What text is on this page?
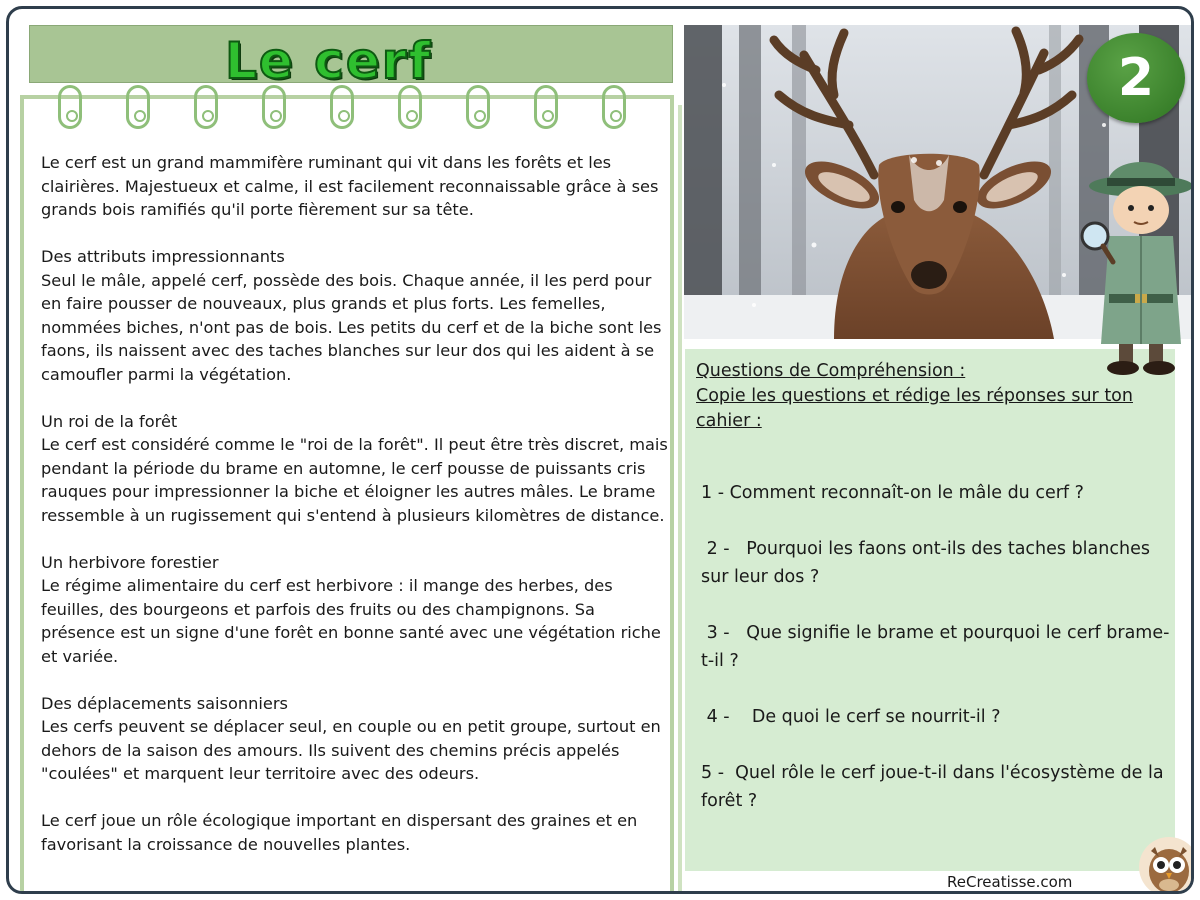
Le cerf

Le cerf est un grand mammifère ruminant qui vit dans les forêts et les clairières. Majestueux et calme, il est facilement reconnaissable grâce à ses grands bois ramifiés qu'il porte fièrement sur sa tête.

Des attributs impressionnants
Seul le mâle, appelé cerf, possède des bois. Chaque année, il les perd pour en faire pousser de nouveaux, plus grands et plus forts. Les femelles, nommées biches, n'ont pas de bois. Les petits du cerf et de la biche sont les faons, ils naissent avec des taches blanches sur leur dos qui les aident à se camoufler parmi la végétation.

Un roi de la forêt
Le cerf est considéré comme le "roi de la forêt". Il peut être très discret, mais pendant la période du brame en automne, le cerf pousse de puissants cris rauques pour impressionner la biche et éloigner les autres mâles. Le brame ressemble à un rugissement qui s'entend à plusieurs kilomètres de distance.

Un herbivore forestier
Le régime alimentaire du cerf est herbivore : il mange des herbes, des feuilles, des bourgeons et parfois des fruits ou des champignons. Sa présence est un signe d'une forêt en bonne santé avec une végétation riche et variée.

Des déplacements saisonniers
Les cerfs peuvent se déplacer seul, en couple ou en petit groupe, surtout en dehors de la saison des amours. Ils suivent des chemins précis appelés "coulées" et marquent leur territoire avec des odeurs.

Le cerf joue un rôle écologique important en dispersant des graines et en favorisant la croissance de nouvelles plantes.

2
Questions de Compréhension :
Copie les questions et rédige les réponses sur ton cahier :
1 - Comment reconnaît-on le mâle du cerf ?
2 -   Pourquoi les faons ont-ils des taches blanches sur leur dos ?
3 -   Que signifie le brame et pourquoi le cerf brame-t-il ?
4 -    De quoi le cerf se nourrit-il ?
5 -  Quel rôle le cerf joue-t-il dans l'écosystème de la forêt ?
ReCreatisse.com
